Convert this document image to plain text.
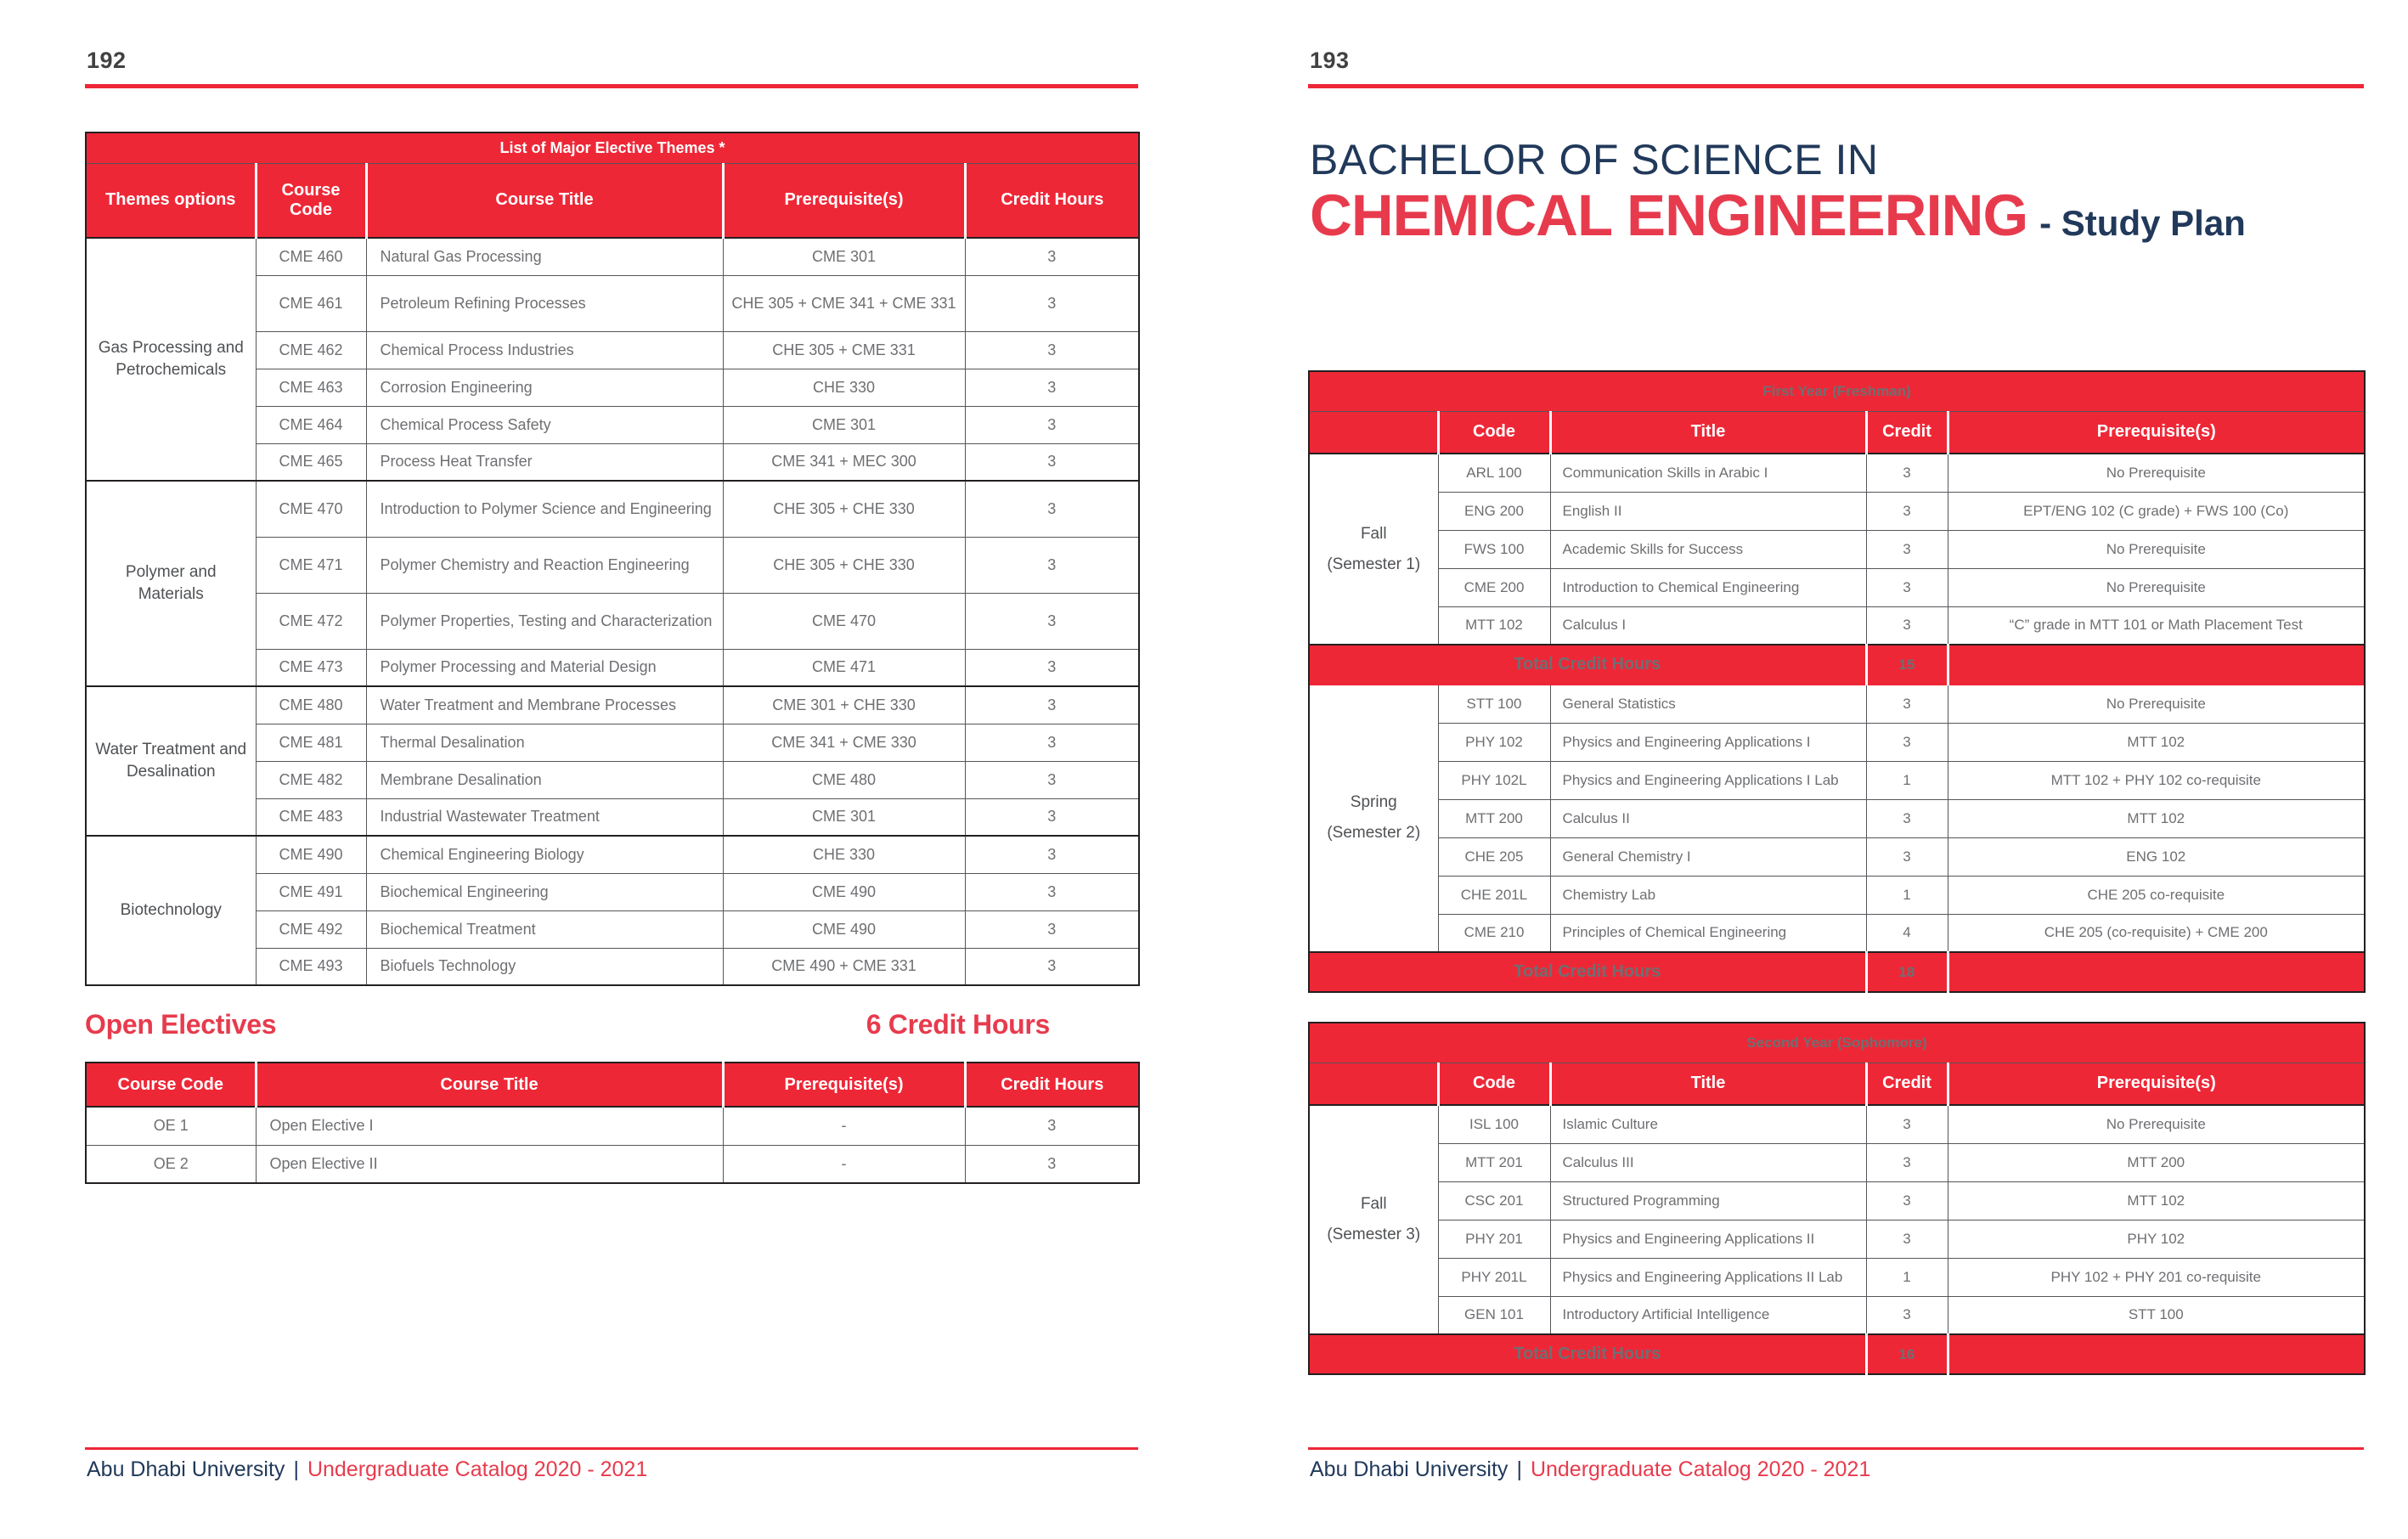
192
List of Major Elective Themes *				
Themes options	Course Code	Course Title	Prerequisite(s)	Credit Hours
Gas Processing and Petrochemicals	CME 460	Natural Gas Processing	CME 301	3
	CME 461	Petroleum Refining Processes	CHE 305 + CME 341 + CME 331	3
	CME 462	Chemical Process Industries	CHE 305 + CME 331	3
	CME 463	Corrosion Engineering	CHE 330	3
	CME 464	Chemical Process Safety	CME 301	3
	CME 465	Process Heat Transfer	CME 341 + MEC 300	3
Polymer and Materials	CME 470	Introduction to Polymer Science and Engineering	CHE 305 + CHE 330	3
	CME 471	Polymer Chemistry and Reaction Engineering	CHE 305 + CHE 330	3
	CME 472	Polymer Properties, Testing and Characterization	CME 470	3
	CME 473	Polymer Processing and Material Design	CME 471	3
Water Treatment and Desalination	CME 480	Water Treatment and Membrane Processes	CME 301 + CHE 330	3
	CME 481	Thermal Desalination	CME 341 + CME 330	3
	CME 482	Membrane Desalination	CME 480	3
	CME 483	Industrial Wastewater Treatment	CME 301	3
Biotechnology	CME 490	Chemical Engineering Biology	CHE 330	3
	CME 491	Biochemical Engineering	CME 490	3
	CME 492	Biochemical Treatment	CME 490	3
	CME 493	Biofuels Technology	CME 490 + CME 331	3
Open Electives	6 Credit Hours
Course Code	Course Title	Prerequisite(s)	Credit Hours
OE 1	Open Elective I	-	3
OE 2	Open Elective II	-	3
Abu Dhabi University | Undergraduate Catalog 2020 - 2021
193
BACHELOR OF SCIENCE IN
CHEMICAL ENGINEERING - Study Plan
First Year (Freshman)				
	Code	Title	Credit	Prerequisite(s)

Fall
(Semester 1)	ARL 100	Communication Skills in Arabic I	3	No Prerequisite
	ENG 200	English II	3	EPT/ENG 102 (C grade) + FWS 100 (Co)
	FWS 100	Academic Skills for Success	3	No Prerequisite
	CME 200	Introduction to Chemical Engineering	3	No Prerequisite
	MTT 102	Calculus I	3	“C” grade in MTT 101 or Math Placement Test
Total Credit Hours			15	

Spring
(Semester 2)	STT 100	General Statistics	3	No Prerequisite
	PHY 102	Physics and Engineering Applications I	3	MTT 102
	PHY 102L	Physics and Engineering Applications I Lab	1	MTT 102 + PHY 102 co-requisite
	MTT 200	Calculus II	3	MTT 102
	CHE 205	General Chemistry I	3	ENG 102
	CHE 201L	Chemistry Lab	1	CHE 205 co-requisite
	CME 210	Principles of Chemical Engineering	4	CHE 205 (co-requisite) + CME 200
Total Credit Hours			18	
Second Year (Sophomore)				
	Code	Title	Credit	Prerequisite(s)

Fall
(Semester 3)	ISL 100	Islamic Culture	3	No Prerequisite
	MTT 201	Calculus III	3	MTT 200
	CSC 201	Structured Programming	3	MTT 102
	PHY 201	Physics and Engineering Applications II	3	PHY 102
	PHY 201L	Physics and Engineering Applications II Lab	1	PHY 102 + PHY 201 co-requisite
	GEN 101	Introductory Artificial Intelligence	3	STT 100
Total Credit Hours			16	
Abu Dhabi University | Undergraduate Catalog 2020 - 2021
